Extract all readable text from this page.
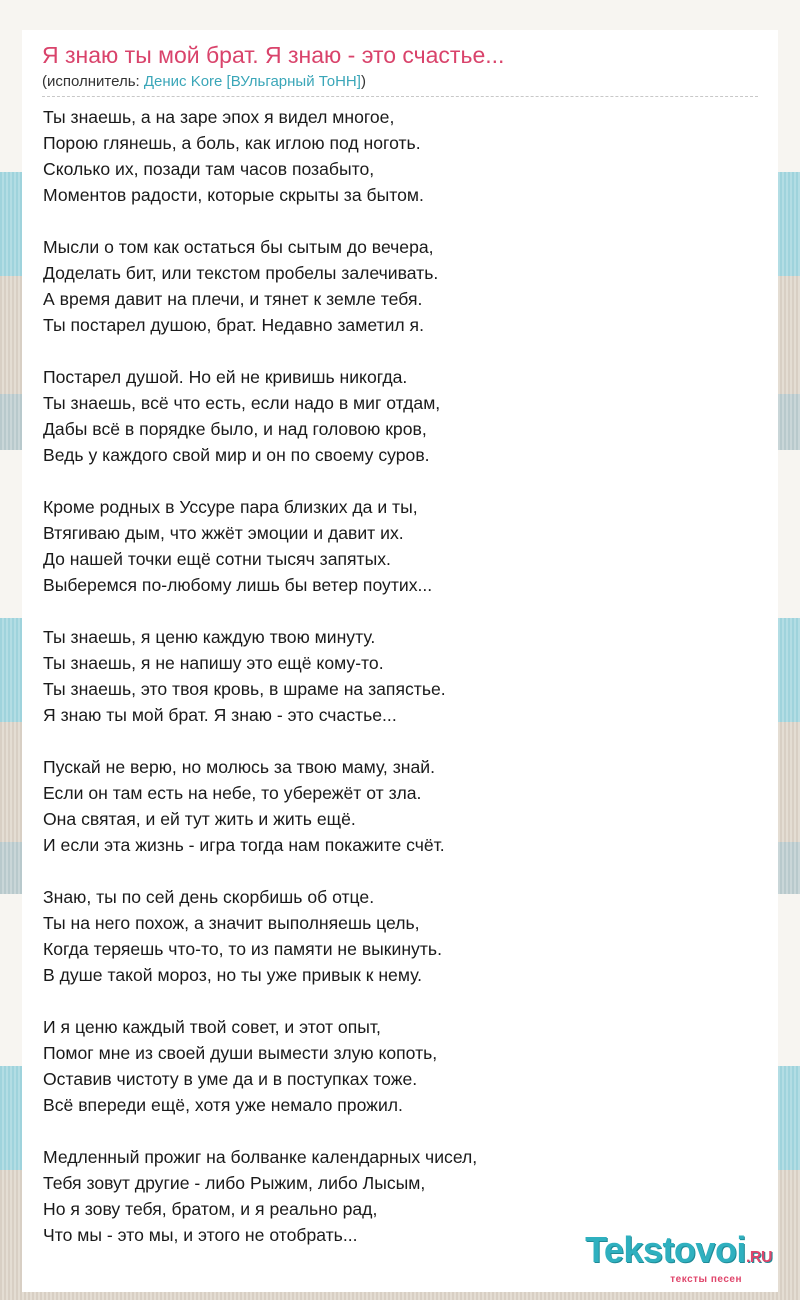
Я знаю ты мой брат. Я знаю - это счастье...
(исполнитель: Денис Kore [ВУльгарный ТоНН])
Ты знаешь, а на заре эпох я видел многое,
Порою глянешь, а боль, как иглою под ноготь.
Сколько их, позади там часов позабыто,
Моментов радости, которые скрыты за бытом.
Мысли о том как остаться бы сытым до вечера,
Доделать бит, или текстом пробелы залечивать.
А время давит на плечи, и тянет к земле тебя.
Ты постарел душою, брат. Недавно заметил я.
Постарел душой. Но ей не кривишь никогда.
Ты знаешь, всё что есть, если надо в миг отдам,
Дабы всё в порядке было, и над головою кров,
Ведь у каждого свой мир и он по своему суров.
Кроме родных в Уссуре пара близких да и ты,
Втягиваю дым, что жжёт эмоции и давит их.
До нашей точки ещё сотни тысяч запятых.
Выберемся по-любому лишь бы ветер поутих...
Ты знаешь, я ценю каждую твою минуту.
Ты знаешь, я не напишу это ещё кому-то.
Ты знаешь, это твоя кровь, в шраме на запястье.
Я знаю ты мой брат. Я знаю - это счастье...
Пускай не верю, но молюсь за твою маму, знай.
Если он там есть на небе, то убережёт от зла.
Она святая, и ей тут жить и жить ещё.
И если эта жизнь - игра тогда нам покажите счёт.
Знаю, ты по сей день скорбишь об отце.
Ты на него похож, а значит выполняешь цель,
Когда теряешь что-то, то из памяти не выкинуть.
В душе такой мороз, но ты уже привык к нему.
И я ценю каждый твой совет, и этот опыт,
Помог мне из своей души вымести злую копоть,
Оставив чистоту в уме да и в поступках тоже.
Всё впереди ещё, хотя уже немало прожил.
Медленный прожиг на болванке календарных чисел,
Тебя зовут другие - либо Рыжим, либо Лысым,
Но я зову тебя, братом, и я реально рад,
Что мы - это мы, и этого не отобрать...	Tekstovoi.RU
тексты песен
